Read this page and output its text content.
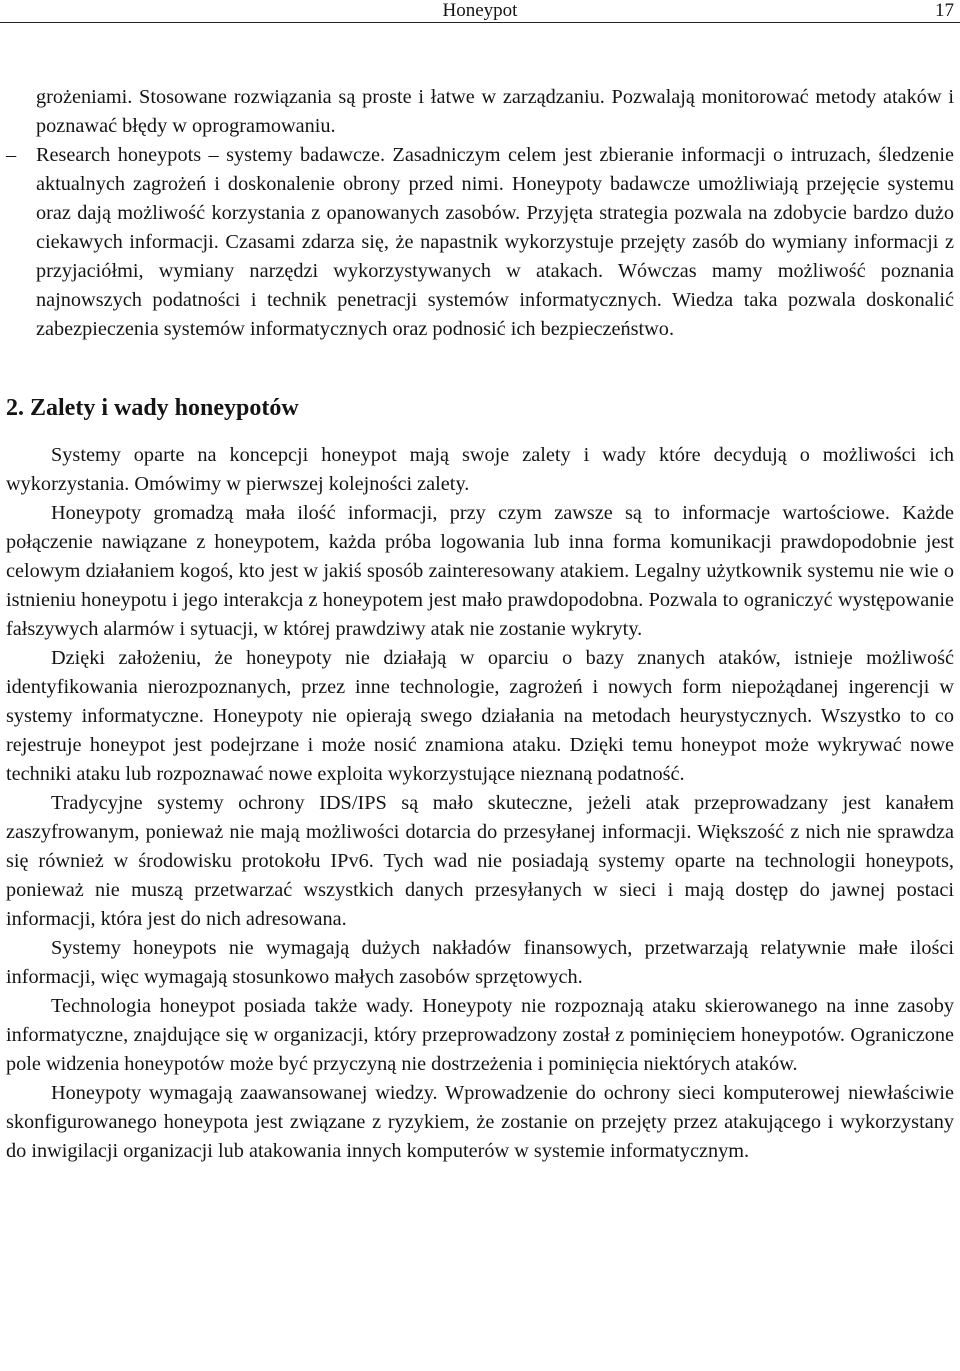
Honeypot	17

grożeniami. Stosowane rozwiązania są proste i łatwe w zarządzaniu. Pozwalają monitorować metody ataków i poznawać błędy w oprogramowaniu.

– Research honeypots – systemy badawcze. Zasadniczym celem jest zbieranie informacji o intruzach, śledzenie aktualnych zagrożeń i doskonalenie obrony przed nimi. Honeypoty badawcze umożliwiają przejęcie systemu oraz dają możliwość korzystania z opanowanych zasobów. Przyjęta strategia pozwala na zdobycie bardzo dużo ciekawych informacji. Czasami zdarza się, że napastnik wykorzystuje przejęty zasób do wymiany informacji z przyjaciółmi, wymiany narzędzi wykorzystywanych w atakach. Wówczas mamy możliwość poznania najnowszych podatności i technik penetracji systemów informatycznych. Wiedza taka pozwala doskonalić zabezpieczenia systemów informatycznych oraz podnosić ich bezpieczeństwo.

2. Zalety i wady honeypotów

Systemy oparte na koncepcji honeypot mają swoje zalety i wady które decydują o możliwości ich wykorzystania. Omówimy w pierwszej kolejności zalety.

Honeypoty gromadzą mała ilość informacji, przy czym zawsze są to informacje wartościowe. Każde połączenie nawiązane z honeypotem, każda próba logowania lub inna forma komunikacji prawdopodobnie jest celowym działaniem kogoś, kto jest w jakiś sposób zainteresowany atakiem. Legalny użytkownik systemu nie wie o istnieniu honeypotu i jego interakcja z honeypotem jest mało prawdopodobna. Pozwala to ograniczyć występowanie fałszywych alarmów i sytuacji, w której prawdziwy atak nie zostanie wykryty.

Dzięki założeniu, że honeypoty nie działają w oparciu o bazy znanych ataków, istnieje możliwość identyfikowania nierozpoznanych, przez inne technologie, zagrożeń i nowych form niepożądanej ingerencji w systemy informatyczne. Honeypoty nie opierają swego działania na metodach heurystycznych. Wszystko to co rejestruje honeypot jest podejrzane i może nosić znamiona ataku. Dzięki temu honeypot może wykrywać nowe techniki ataku lub rozpoznawać nowe exploita wykorzystujące nieznaną podatność.

Tradycyjne systemy ochrony IDS/IPS są mało skuteczne, jeżeli atak przeprowadzany jest kanałem zaszyfrowanym, ponieważ nie mają możliwości dotarcia do przesyłanej informacji. Większość z nich nie sprawdza się również w środowisku protokołu IPv6. Tych wad nie posiadają systemy oparte na technologii honeypots, ponieważ nie muszą przetwarzać wszystkich danych przesyłanych w sieci i mają dostęp do jawnej postaci informacji, która jest do nich adresowana.

Systemy honeypots nie wymagają dużych nakładów finansowych, przetwarzają relatywnie małe ilości informacji, więc wymagają stosunkowo małych zasobów sprzętowych.

Technologia honeypot posiada także wady. Honeypoty nie rozpoznają ataku skierowanego na inne zasoby informatyczne, znajdujące się w organizacji, który przeprowadzony został z pominięciem honeypotów. Ograniczone pole widzenia honeypotów może być przyczyną nie dostrzeżenia i pominięcia niektórych ataków.

Honeypoty wymagają zaawansowanej wiedzy. Wprowadzenie do ochrony sieci komputerowej niewłaściwie skonfigurowanego honeypota jest związane z ryzykiem, że zostanie on przejęty przez atakującego i wykorzystany do inwigilacji organizacji lub atakowania innych komputerów w systemie informatycznym.
